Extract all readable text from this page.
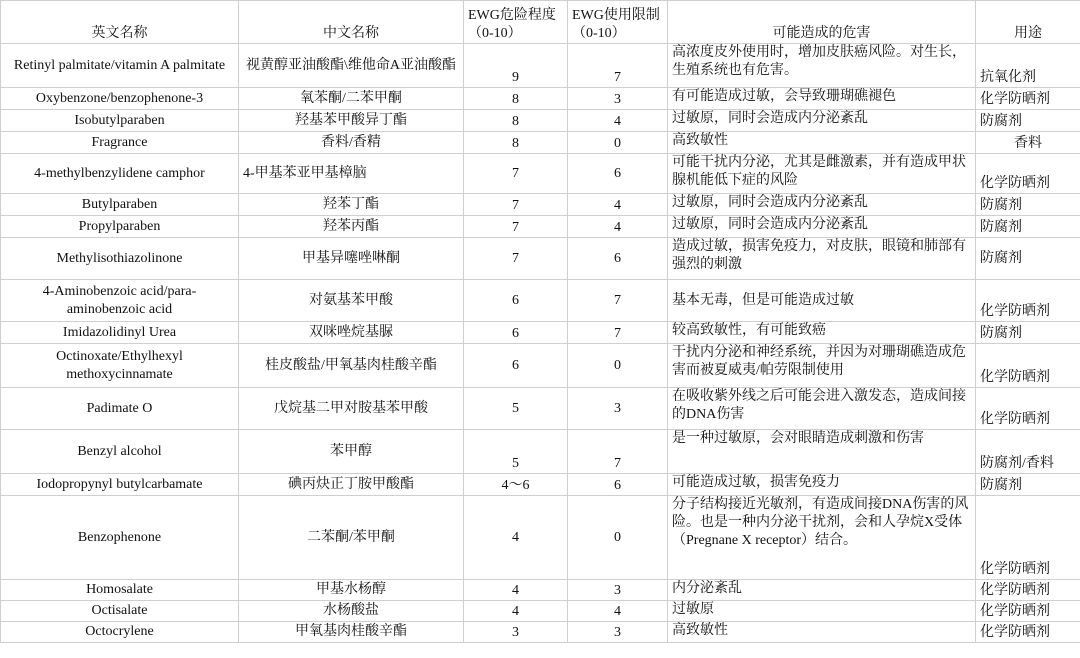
英文名称	中文名称	EWG危险程度（0-10）	EWG使用限制（0-10）	可能造成的危害	用途
Retinyl palmitate/vitamin A palmitate	视黄醇亚油酸酯\维他命A亚油酸酯	9	7	高浓度皮外使用时，增加皮肤癌风险。对生长，生殖系统也有危害。	抗氧化剂
Oxybenzone/benzophenone-3	氧苯酮/二苯甲酮	8	3	有可能造成过敏，会导致珊瑚礁褪色	化学防晒剂
Isobutylparaben	羟基苯甲酸异丁酯	8	4	过敏原，同时会造成内分泌紊乱	防腐剂
Fragrance	香料/香精	8	0	高致敏性	香料
4-methylbenzylidene camphor	4-甲基苯亚甲基樟脑	7	6	可能干扰内分泌，尤其是雌激素，并有造成甲状腺机能低下症的风险	化学防晒剂
Butylparaben	羟苯丁酯	7	4	过敏原，同时会造成内分泌紊乱	防腐剂
Propylparaben	羟苯丙酯	7	4	过敏原，同时会造成内分泌紊乱	防腐剂
Methylisothiazolinone	甲基异噻唑啉酮	7	6	造成过敏，损害免疫力，对皮肤，眼镜和肺部有强烈的刺激	防腐剂
4-Aminobenzoic acid/para-aminobenzoic acid	对氨基苯甲酸	6	7	基本无毒，但是可能造成过敏	化学防晒剂
Imidazolidinyl Urea	双咪唑烷基脲	6	7	较高致敏性，有可能致癌	防腐剂
Octinoxate/Ethylhexyl methoxycinnamate	桂皮酸盐/甲氧基肉桂酸辛酯	6	0	干扰内分泌和神经系统，并因为对珊瑚礁造成危害而被夏威夷/帕劳限制使用	化学防晒剂
Padimate O	戊烷基二甲对胺基苯甲酸	5	3	在吸收紫外线之后可能会进入激发态，造成间接的DNA伤害	化学防晒剂
Benzyl alcohol	苯甲醇	5	7	是一种过敏原，会对眼睛造成刺激和伤害	防腐剂/香料
Iodopropynyl butylcarbamate	碘丙炔正丁胺甲酸酯	4～6	6	可能造成过敏，损害免疫力	防腐剂
Benzophenone	二苯酮/苯甲酮	4	0	分子结构接近光敏剂，有造成间接DNA伤害的风险。也是一种内分泌干扰剂，会和人孕烷X受体（Pregnane X receptor）结合。	化学防晒剂
Homosalate	甲基水杨醇	4	3	内分泌紊乱	化学防晒剂
Octisalate	水杨酸盐	4	4	过敏原	化学防晒剂
Octocrylene	甲氧基肉桂酸辛酯	3	3	高致敏性	化学防晒剂
